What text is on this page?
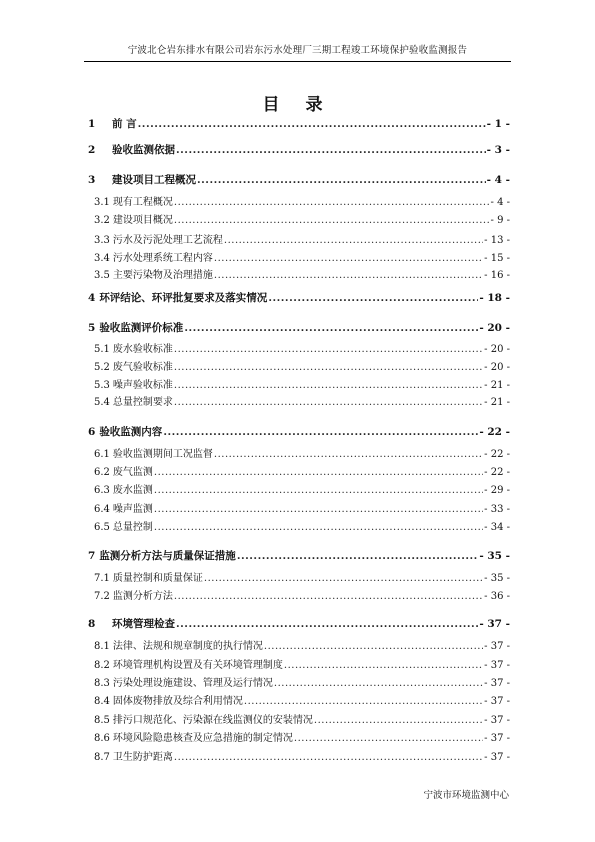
宁波北仑岩东排水有限公司岩东污水处理厂三期工程竣工环境保护验收监测报告
目 录
1	前 言 .....	- 1 -
2	验收监测依据 .....	- 3 -
3	建设项目工程概况 .....	- 4 -
3.1 现有工程概况 .....	- 4 -
3.2 建设项目概况 .....	- 9 -
3.3 污水及污泥处理工艺流程 .....	- 13 -
3.4 污水处理系统工程内容 .....	- 15 -
3.5 主要污染物及治理措施 .....	- 16 -
4 环评结论、环评批复要求及落实情况 .....	- 18 -
5 验收监测评价标准 .....	- 20 -
5.1 废水验收标准 .....	- 20 -
5.2 废气验收标准 .....	- 20 -
5.3 噪声验收标准 .....	- 21 -
5.4 总量控制要求 .....	- 21 -
6 验收监测内容 .....	- 22 -
6.1 验收监测期间工况监督 .....	- 22 -
6.2 废气监测 .....	- 22 -
6.3 废水监测 .....	- 29 -
6.4 噪声监测 .....	- 33 -
6.5 总量控制 .....	- 34 -
7 监测分析方法与质量保证措施 .....	- 35 -
7.1 质量控制和质量保证 .....	- 35 -
7.2 监测分析方法 .....	- 36 -
8	环境管理检查 .....	- 37 -
8.1 法律、法规和规章制度的执行情况 .....	- 37 -
8.2 环境管理机构设置及有关环境管理制度 .....	- 37 -
8.3 污染处理设施建设、管理及运行情况 .....	- 37 -
8.4 固体废物排放及综合利用情况 .....	- 37 -
8.5 排污口规范化、污染源在线监测仪的安装情况 .....	- 37 -
8.6 环境风险隐患核查及应急措施的制定情况 .....	- 37 -
8.7 卫生防护距离 .....	- 37 -
宁波市环境监测中心
